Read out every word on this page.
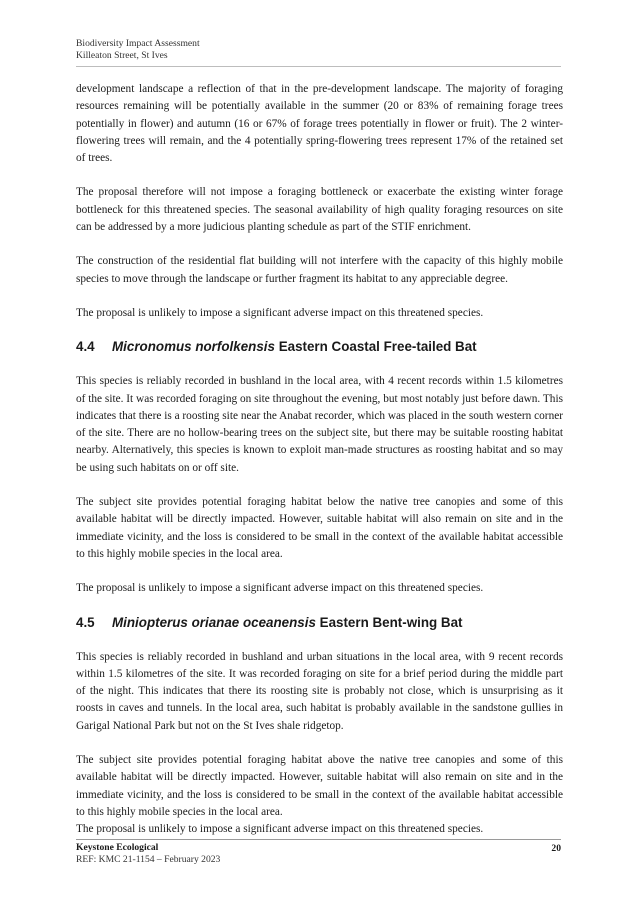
Biodiversity Impact Assessment
Killeaton Street, St Ives

development landscape a reflection of that in the pre-development landscape. The majority of foraging resources remaining will be potentially available in the summer (20 or 83% of remaining forage trees potentially in flower) and autumn (16 or 67% of forage trees potentially in flower or fruit). The 2 winter-flowering trees will remain, and the 4 potentially spring-flowering trees represent 17% of the retained set of trees.

The proposal therefore will not impose a foraging bottleneck or exacerbate the existing winter forage bottleneck for this threatened species. The seasonal availability of high quality foraging resources on site can be addressed by a more judicious planting schedule as part of the STIF enrichment.

The construction of the residential flat building will not interfere with the capacity of this highly mobile species to move through the landscape or further fragment its habitat to any appreciable degree.

The proposal is unlikely to impose a significant adverse impact on this threatened species.

4.4 Micronomus norfolkensis Eastern Coastal Free-tailed Bat

This species is reliably recorded in bushland in the local area, with 4 recent records within 1.5 kilometres of the site. It was recorded foraging on site throughout the evening, but most notably just before dawn. This indicates that there is a roosting site near the Anabat recorder, which was placed in the south western corner of the site. There are no hollow-bearing trees on the subject site, but there may be suitable roosting habitat nearby. Alternatively, this species is known to exploit man-made structures as roosting habitat and so may be using such habitats on or off site.

The subject site provides potential foraging habitat below the native tree canopies and some of this available habitat will be directly impacted. However, suitable habitat will also remain on site and in the immediate vicinity, and the loss is considered to be small in the context of the available habitat accessible to this highly mobile species in the local area.

The proposal is unlikely to impose a significant adverse impact on this threatened species.

4.5 Miniopterus orianae oceanensis Eastern Bent-wing Bat

This species is reliably recorded in bushland and urban situations in the local area, with 9 recent records within 1.5 kilometres of the site. It was recorded foraging on site for a brief period during the middle part of the night. This indicates that there its roosting site is probably not close, which is unsurprising as it roosts in caves and tunnels. In the local area, such habitat is probably available in the sandstone gullies in Garigal National Park but not on the St Ives shale ridgetop.

The subject site provides potential foraging habitat above the native tree canopies and some of this available habitat will be directly impacted. However, suitable habitat will also remain on site and in the immediate vicinity, and the loss is considered to be small in the context of the available habitat accessible to this highly mobile species in the local area.

The proposal is unlikely to impose a significant adverse impact on this threatened species.

Keystone Ecological
REF: KMC 21-1154 – February 2023
20
